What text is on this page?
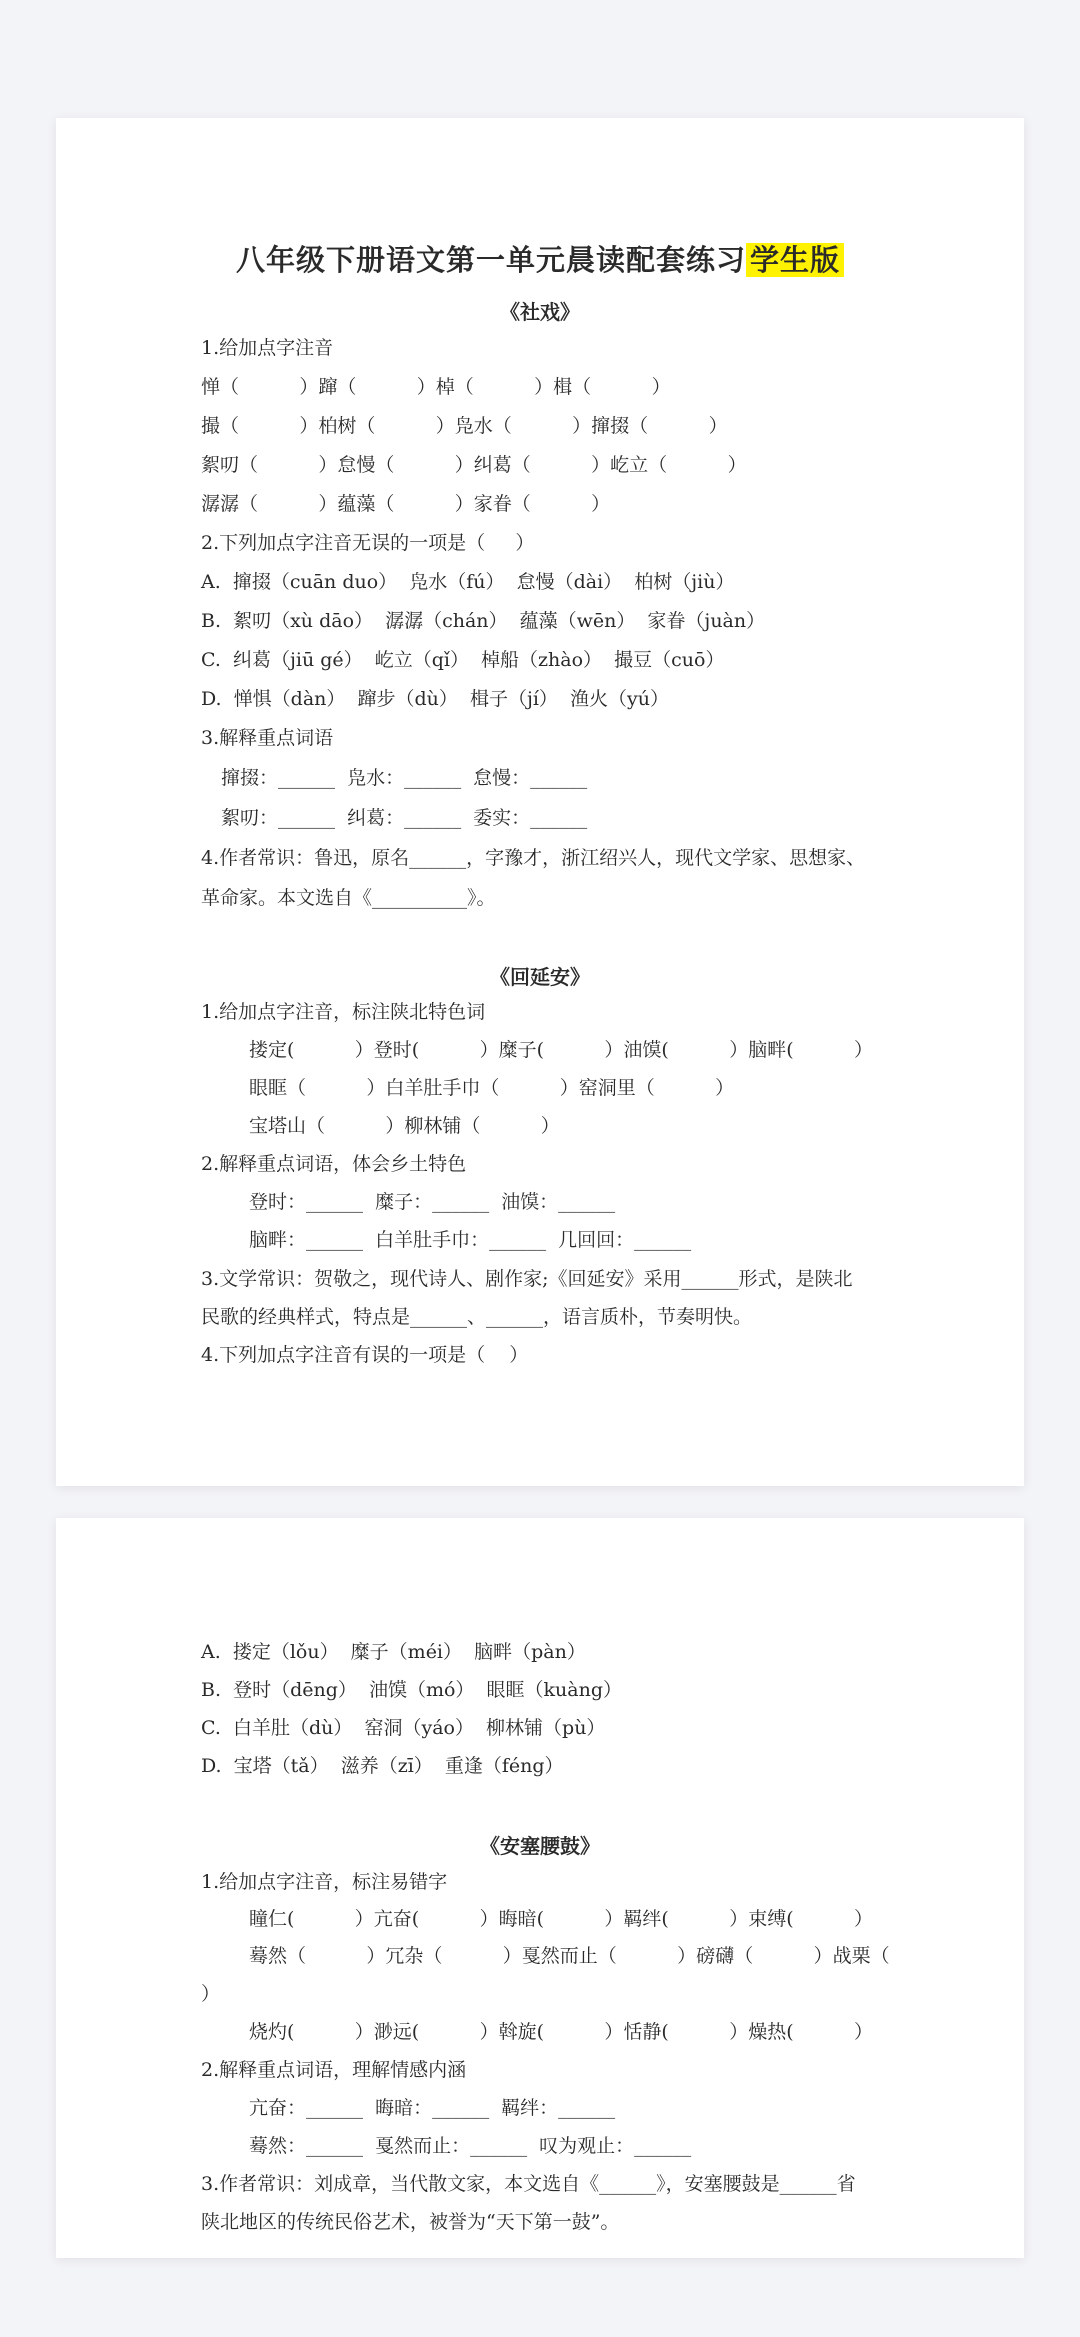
八年级下册语文第一单元晨读配套练习 学生版
《社戏》
1.给加点字注音
惮（          ）蹿（          ）棹（          ）楫（          ）
撮（          ）柏树（          ）凫水（          ）撺掇（          ）
絮叨（          ）怠慢（          ）纠葛（          ）屹立（          ）
潺潺（          ）蕴藻（          ）家眷（          ）
2.下列加点字注音无误的一项是（     ）
A.  撺掇（cuān duo）  凫水（fú）  怠慢（dài）  柏树（jiù）
B.  絮叨（xù dāo）  潺潺（chán）  蕴藻（wēn）  家眷（juàn）
C.  纠葛（jiū gé）  屹立（qǐ）  棹船（zhào）  撮豆（cuō）
D.  惮惧（dàn）  蹿步（dù）  楫子（jí）  渔火（yú）
3.解释重点词语
撺掇：______  凫水：______  怠慢：______
絮叨：______  纠葛：______  委实：______
4.作者常识：鲁迅，原名______，字豫才，浙江绍兴人，现代文学家、思想家、
革命家。本文选自《__________》。
《回延安》
1.给加点字注音，标注陕北特色词
搂定(          ）登时(          ）糜子(          ）油馍(          ）脑畔(          ）
眼眶（          ）白羊肚手巾（          ）窑洞里（          ）
宝塔山（          ）柳林铺（          ）
2.解释重点词语，体会乡土特色
登时：______  糜子：______  油馍：______
脑畔：______  白羊肚手巾：______  几回回：______
3.文学常识：贺敬之，现代诗人、剧作家;《回延安》采用______形式，是陕北
民歌的经典样式，特点是______、______，语言质朴，节奏明快。
4.下列加点字注音有误的一项是（    ）
A.  搂定（lǒu）  糜子（méi）  脑畔（pàn）
B.  登时（dēng）  油馍（mó）  眼眶（kuàng）
C.  白羊肚（dù）  窑洞（yáo）  柳林铺（pù）
D.  宝塔（tǎ）  滋养（zī）  重逢（féng）
《安塞腰鼓》
1.给加点字注音，标注易错字
瞳仁(          ）亢奋(          ）晦暗(          ）羁绊(          ）束缚(          ）
蓦然（          ）冗杂（          ）戛然而止（          ）磅礴（          ）战栗（
）
烧灼(          ）渺远(          ）斡旋(          ）恬静(          ）燥热(          ）
2.解释重点词语，理解情感内涵
亢奋：______  晦暗：______  羁绊：______
蓦然：______  戛然而止：______  叹为观止：______
3.作者常识：刘成章，当代散文家，本文选自《______》，安塞腰鼓是______省
陕北地区的传统民俗艺术，被誉为“天下第一鼓”。
